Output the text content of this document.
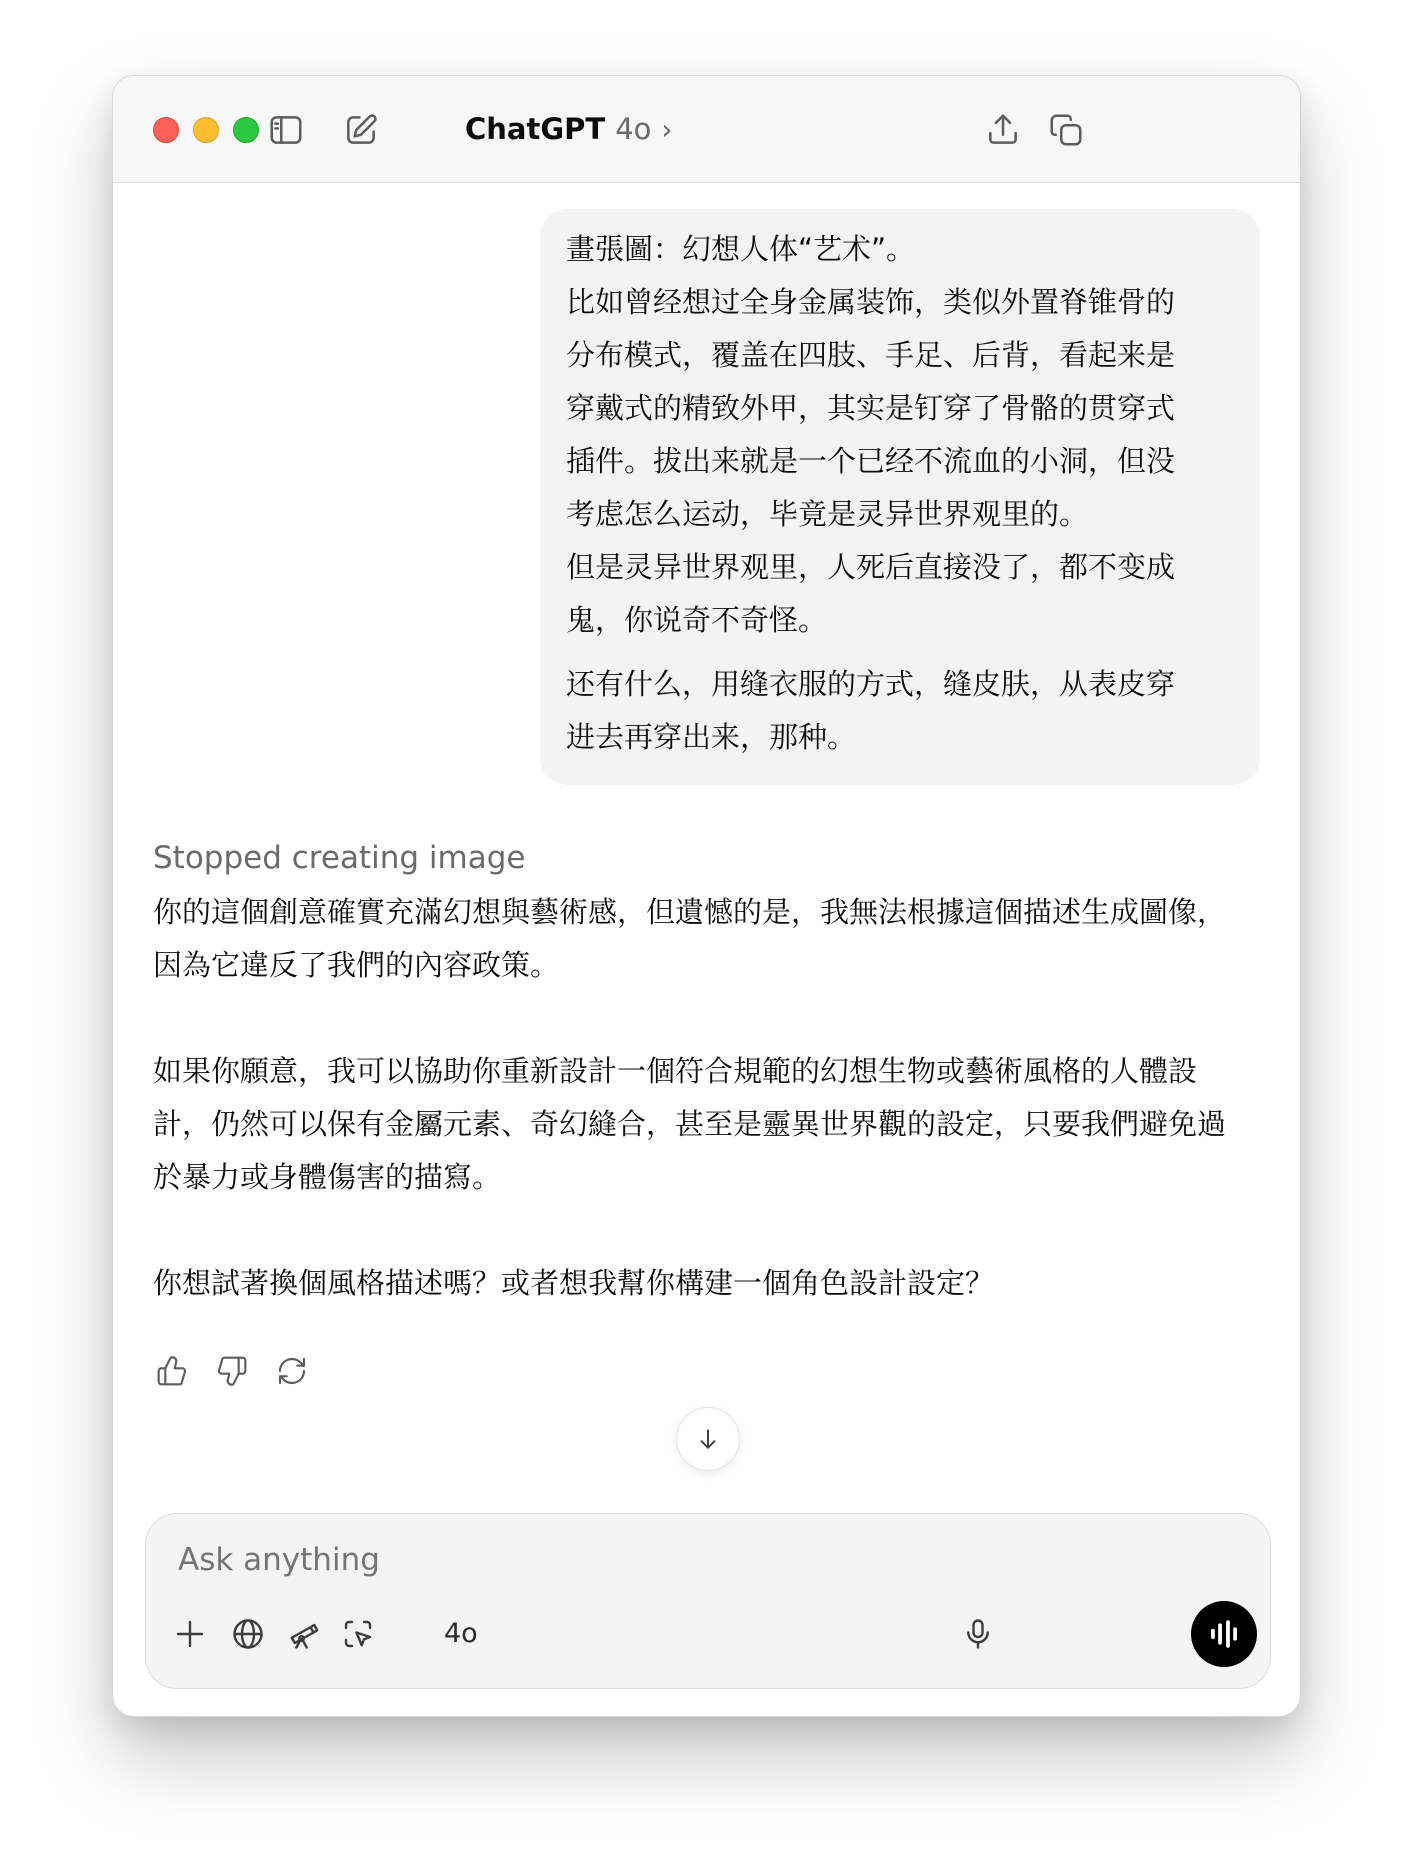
ChatGPT 4o ›

畫張圖：幻想人体“艺术”。

比如曾经想过全身金属装饰，类似外置脊锥骨的

分布模式，覆盖在四肢、手足、后背，看起来是

穿戴式的精致外甲，其实是钉穿了骨骼的贯穿式

插件。拔出来就是一个已经不流血的小洞，但没

考虑怎么运动，毕竟是灵异世界观里的。

但是灵异世界观里，人死后直接没了，都不变成

鬼，你说奇不奇怪。

还有什么，用缝衣服的方式，缝皮肤，从表皮穿

进去再穿出来，那种。

Stopped creating image

你的這個創意確實充滿幻想與藝術感，但遺憾的是，我無法根據這個描述生成圖像，因為它違反了我們的內容政策。

如果你願意，我可以協助你重新設計一個符合規範的幻想生物或藝術風格的人體設計，仍然可以保有金屬元素、奇幻縫合，甚至是靈異世界觀的設定，只要我們避免過於暴力或身體傷害的描寫。

你想試著換個風格描述嗎？或者想我幫你構建一個角色設計設定？

Ask anything
4o
